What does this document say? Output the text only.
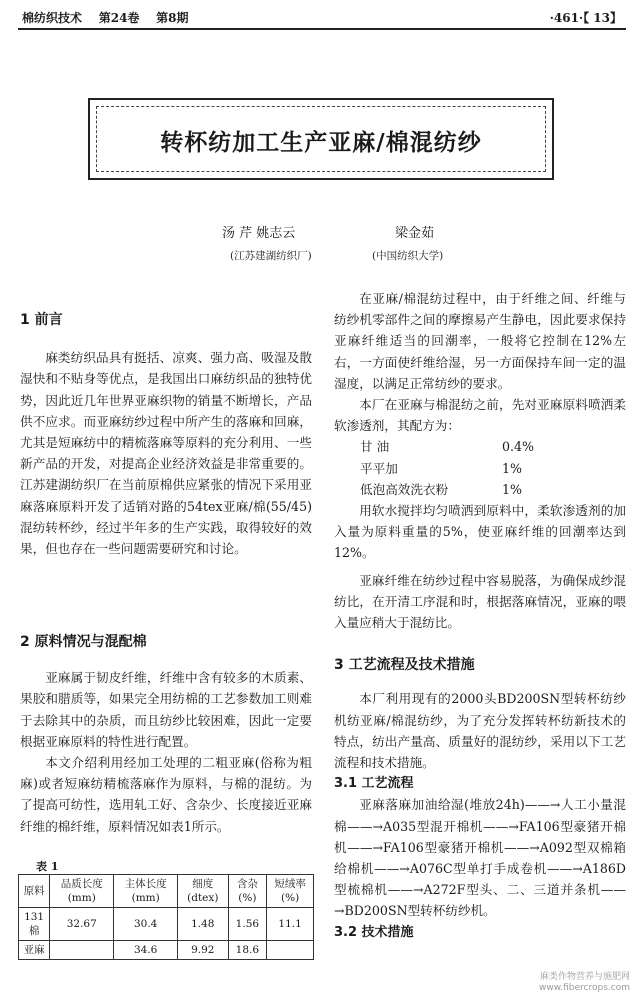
棉纺织技术 第24卷 第8期	·461·【 13】
转杯纺加工生产亚麻/棉混纺纱
汤 芹 姚志云	梁金茹
(江苏建湖纺织厂)	(中国纺织大学)
1 前言

麻类纺织品具有挺括、凉爽、强力高、吸湿及散湿快和不贴身等优点，是我国出口麻纺织品的独特优势，因此近几年世界亚麻织物的销量不断增长，产品供不应求。而亚麻纺纱过程中所产生的落麻和回麻，尤其是短麻纺中的精梳落麻等原料的充分利用、一些新产品的开发，对提高企业经济效益是非常重要的。江苏建湖纺织厂在当前原棉供应紧张的情况下采用亚麻落麻原料开发了适销对路的54tex亚麻/棉(55/45)混纺转杯纱，经过半年多的生产实践，取得较好的效果，但也存在一些问题需要研究和讨论。

2 原料情况与混配棉

亚麻属于韧皮纤维，纤维中含有较多的木质素、果胶和腊质等，如果完全用纺棉的工艺参数加工则难于去除其中的杂质，而且纺纱比较困难，因此一定要根据亚麻原料的特性进行配置。

本文介绍利用经加工处理的二粗亚麻(俗称为粗麻)或者短麻纺精梳落麻作为原料，与棉的混纺。为了提高可纺性，选用轧工好、含杂少、长度接近亚麻纤维的棉纤维，原料情况如表1所示。

表 1
原料	品质长度(mm)	主体长度(mm)	细度(dtex)	含杂(%)	短绒率(%)
131棉	32.67	30.4	1.48	1.56	11.1
亚麻		34.6	9.92	18.6	

在亚麻/棉混纺过程中，由于纤维之间、纤维与纺纱机零部件之间的摩擦易产生静电，因此要求保持亚麻纤维适当的回潮率，一般将它控制在12%左右，一方面使纤维给湿，另一方面保持车间一定的温湿度，以满足正常纺纱的要求。

本厂在亚麻与棉混纺之前，先对亚麻原料喷洒柔软渗透剂，其配方为：

甘 油	0.4%
平平加	1%
低泡高效洗衣粉	1%

用软水搅拌均匀喷洒到原料中，柔软渗透剂的加入量为原料重量的5%，使亚麻纤维的回潮率达到12%。

亚麻纤维在纺纱过程中容易脱落，为确保成纱混纺比，在开清工序混和时，根据落麻情况，亚麻的喂入量应稍大于混纺比。

3 工艺流程及技术措施

本厂利用现有的2000头BD200SN型转杯纺纱机纺亚麻/棉混纺纱，为了充分发挥转杯纺新技术的特点，纺出产量高、质量好的混纺纱，采用以下工艺流程和技术措施。

3.1 工艺流程

亚麻落麻加油给湿(堆放24h)——→人工小量混棉——→A035型混开棉机——→FA106型豪猪开棉机——→FA106型豪猪开棉机——→A092型双棉箱给棉机——→A076C型单打手成卷机——→A186D型梳棉机——→A272F型头、二、三道并条机——→BD200SN型转杯纺纱机。

3.2 技术措施
麻类作物营养与施肥网
www.fibercrops.com
